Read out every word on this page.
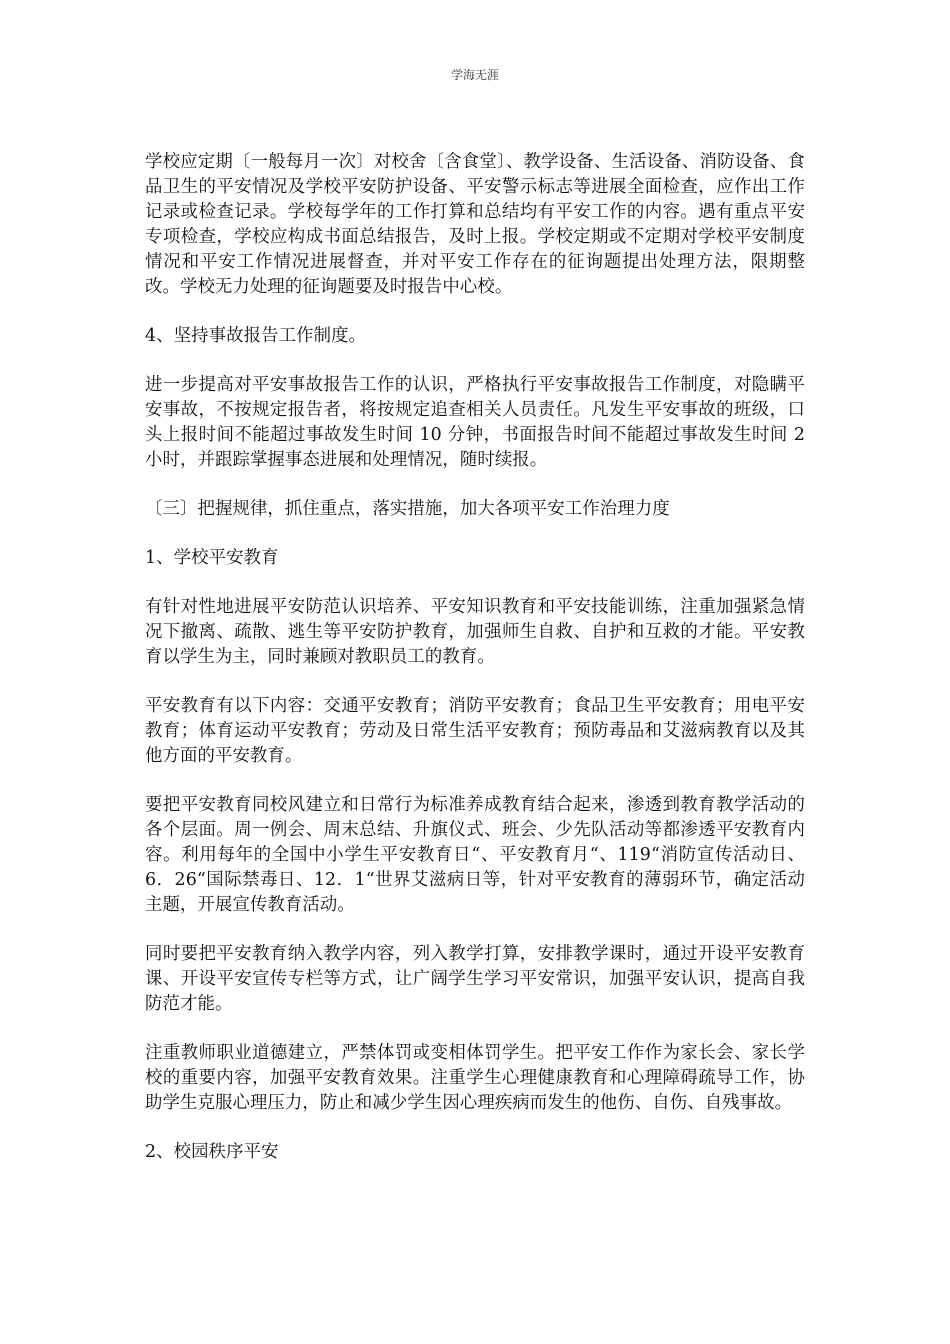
学海无涯

学校应定期〔一般每月一次〕对校舍〔含食堂〕、教学设备、生活设备、消防设备、食品卫生的平安情况及学校平安防护设备、平安警示标志等进展全面检查，应作出工作记录或检查记录。学校每学年的工作打算和总结均有平安工作的内容。遇有重点平安专项检查，学校应构成书面总结报告，及时上报。学校定期或不定期对学校平安制度情况和平安工作情况进展督查，并对平安工作存在的征询题提出处理方法，限期整改。学校无力处理的征询题要及时报告中心校。

4、坚持事故报告工作制度。

进一步提高对平安事故报告工作的认识，严格执行平安事故报告工作制度，对隐瞒平安事故，不按规定报告者，将按规定追查相关人员责任。凡发生平安事故的班级，口头上报时间不能超过事故发生时间 10 分钟，书面报告时间不能超过事故发生时间 2 小时，并跟踪掌握事态进展和处理情况，随时续报。

〔三〕把握规律，抓住重点，落实措施，加大各项平安工作治理力度

1、学校平安教育

有针对性地进展平安防范认识培养、平安知识教育和平安技能训练，注重加强紧急情况下撤离、疏散、逃生等平安防护教育，加强师生自救、自护和互救的才能。平安教育以学生为主，同时兼顾对教职员工的教育。

平安教育有以下内容：交通平安教育；消防平安教育；食品卫生平安教育；用电平安教育；体育运动平安教育；劳动及日常生活平安教育；预防毒品和艾滋病教育以及其他方面的平安教育。

要把平安教育同校风建立和日常行为标准养成教育结合起来，渗透到教育教学活动的各个层面。周一例会、周末总结、升旗仪式、班会、少先队活动等都渗透平安教育内容。利用每年的全国中小学生平安教育日“、平安教育月“、119“消防宣传活动日、6．26“国际禁毒日、12．1“世界艾滋病日等，针对平安教育的薄弱环节，确定活动主题，开展宣传教育活动。

同时要把平安教育纳入教学内容，列入教学打算，安排教学课时，通过开设平安教育课、开设平安宣传专栏等方式，让广阔学生学习平安常识，加强平安认识，提高自我防范才能。

注重教师职业道德建立，严禁体罚或变相体罚学生。把平安工作作为家长会、家长学校的重要内容，加强平安教育效果。注重学生心理健康教育和心理障碍疏导工作，协助学生克服心理压力，防止和减少学生因心理疾病而发生的他伤、自伤、自残事故。

2、校园秩序平安
